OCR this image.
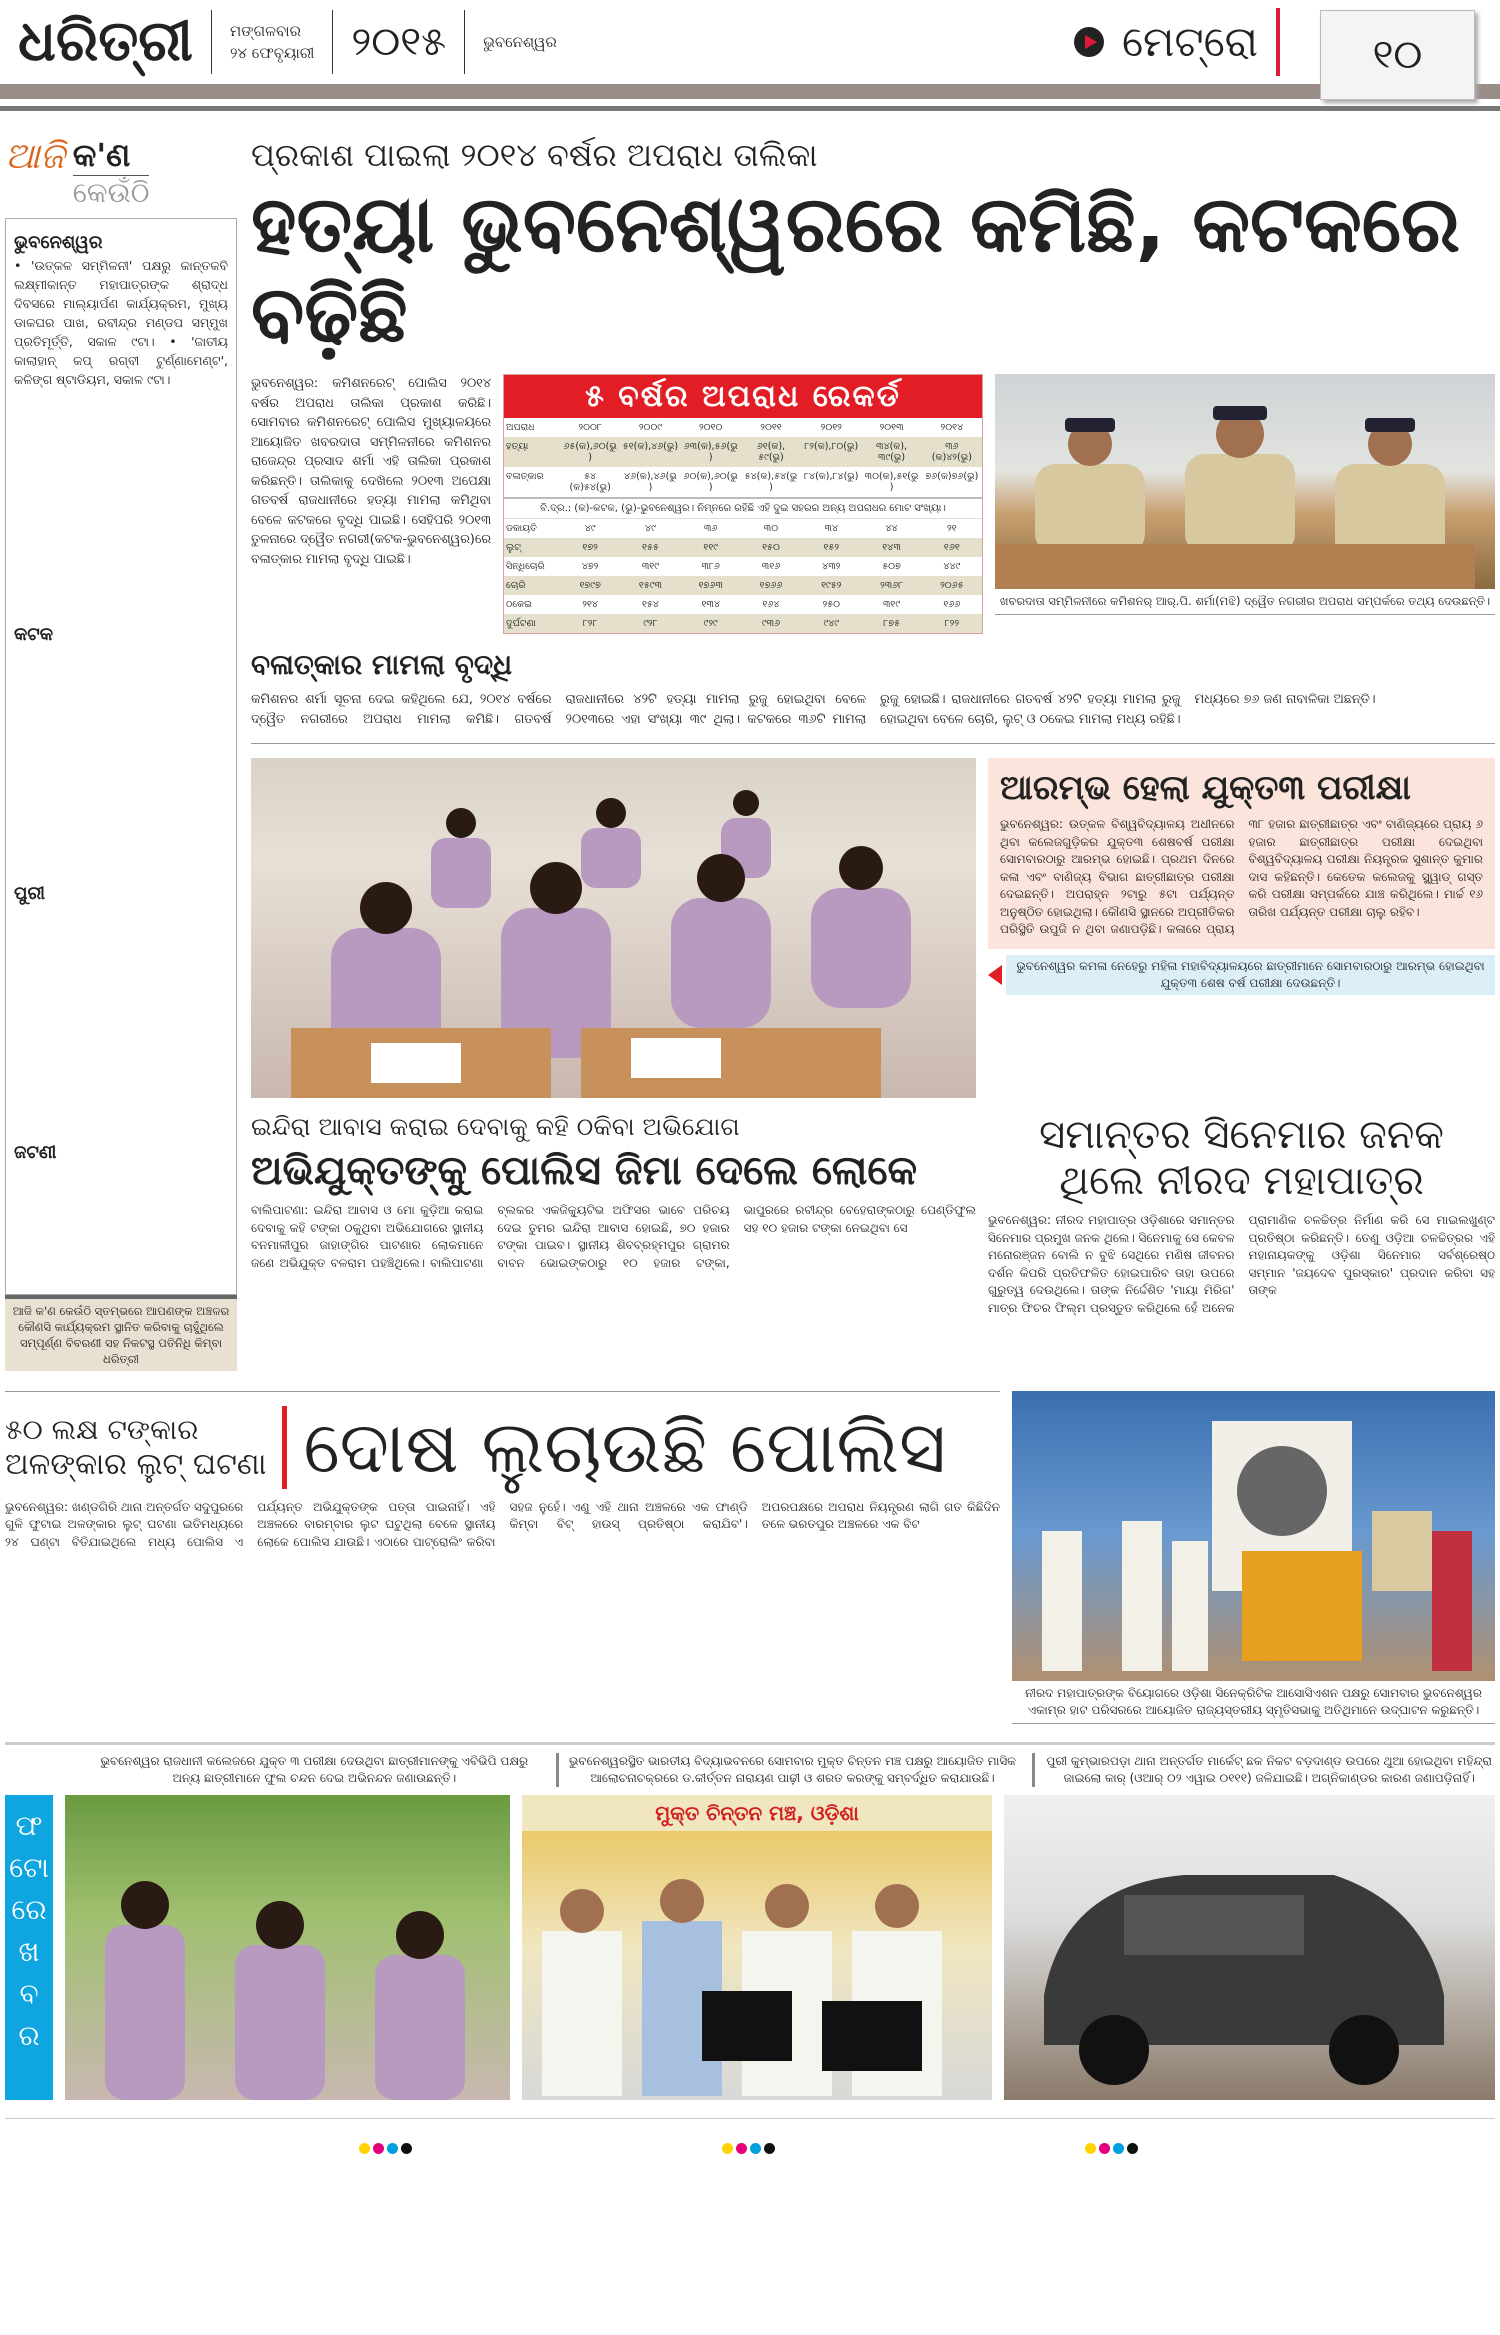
ଧରିତ୍ରୀ ମଙ୍ଗଳବାର
୨୪ ଫେବୃୟାରୀ ୨୦୧୫ ଭୁବନେଶ୍ୱର	ମେଟ୍ରୋ	୧୦
ଆଜି କ'ଣ
କେଉଁଠି
ଭୁବନେଶ୍ୱର

• 'ଉତ୍କଳ ସମ୍ମିଳନୀ' ପକ୍ଷରୁ କାନ୍ତକବି ଲକ୍ଷ୍ମୀକାନ୍ତ ମହାପାତ୍ରଙ୍କ ଶ୍ରାଦ୍ଧ ଦିବସରେ ମାଲ୍ୟାର୍ପଣ କାର୍ଯ୍ୟକ୍ରମ, ମୁଖ୍ୟ ଡାକଘର ପାଖ, ରବୀନ୍ଦ୍ର ମଣ୍ଡପ ସମ୍ମୁଖ ପ୍ରତିମୂର୍ତ୍ତି, ସକାଳ ୯ଟା। • 'ଜାତୀୟ କାଲାହାନ୍ କପ୍ ରଗ୍‌ବୀ ଟୁର୍ଣ୍ଣାମେଣ୍ଟ', କଳିଙ୍ଗ ଷ୍ଟାଡିୟମ, ସକାଳ ୯ଟା।

କଟକ
ପୁରୀ
ଜଟଣୀ
ଆଜି କ'ଣ କେଉଁଠି ସ୍ତମ୍ଭରେ ଆପଣଙ୍କ ଅଞ୍ଚଳର କୌଣସି କାର୍ଯ୍ୟକ୍ରମ ସ୍ଥାନିତ କରିବାକୁ ଚାହୁଁଥିଲେ ସମ୍ପୂର୍ଣ୍ଣ ବିବରଣୀ ସହ ନିକଟସ୍ଥ ପତିନିଧି କିମ୍ବା ଧରିତ୍ରୀ
ପ୍ରକାଶ ପାଇଲା ୨୦୧୪ ବର୍ଷର ଅପରାଧ ତାଲିକା
ହତ୍ୟା ଭୁବନେଶ୍ୱରରେ କମିଛି, କଟକରେ ବଢ଼ିଛି
ଭୁବନେଶ୍ୱର: କମିଶନରେଟ୍ ପୋଲିସ ୨୦୧୪ ବର୍ଷର ଅପରାଧ ତାଲିକା ପ୍ରକାଶ କରିଛି। ସୋମବାର କମିଶନରେଟ୍ ପୋଲିସ ମୁଖ୍ୟାଳୟରେ ଆୟୋଜିତ ଖବରଦାତା ସମ୍ମିଳନୀରେ କମିଶନର ରାଜେନ୍ଦ୍ର ପ୍ରସାଦ ଶର୍ମା ଏହି ତାଲିକା ପ୍ରକାଶ କରିଛନ୍ତି। ତାଲିକାକୁ ଦେଖିଲେ ୨୦୧୩ ଅପେକ୍ଷା ଗତବର୍ଷ ରାଜଧାନୀରେ ହତ୍ୟା ମାମଲା କମିଥିବା ବେଳେ କଟକରେ ବୃଦ୍ଧି ପାଇଛି। ସେହିପରି ୨୦୧୩ ତୁଳନାରେ ଦ୍ୱୈତ ନଗରୀ(କଟକ-ଭୁବନେଶ୍ୱର)ରେ ବଳାତ୍କାର ମାମଲା ବୃଦ୍ଧି ପାଇଛି।
୫ ବର୍ଷର ଅପରାଧ ରେକର୍ଡ
ଅପରାଧ	୨୦୦୮	୨୦୦୯	୨୦୧୦	୨୦୧୧	୨୦୧୨	୨୦୧୩	୨୦୧୪
ହତ୍ୟା	୬୫(କ),୬୦(ଭୁ)	୫୧(କ),୪୬(ଭୁ)	୬୩(କ),୫୬(ଭୁ)	୬୧(କ), ୫୯(ଭୁ)	୮୨(କ),୮୦(ଭୁ)	୩୪(କ), ୩୯(ଭୁ)	୩୬ (କ)୪୨(ଭୁ)
ବଳାତ୍କାର	୫୪ (କ)୫୪(ଭୁ)	୪୬(କ),୪୬(ଭୁ)	୬୦(କ),୬୦(ଭୁ)	୫୪(କ),୫୪(ଭୁ)	୮୪(କ),୮୪(ଭୁ)	୩୦(କ),୫୧(ଭୁ)	୭୬(କ)୭୬(ଭୁ)
ବି.ଦ୍ର.: (କ)-କଟକ, (ଭୁ)-ଭୁବନେଶ୍ୱର। ନିମ୍ନରେ ରହିଛି ଏହି ଦୁଇ ସହରର ଅନ୍ୟ ଅପରାଧର ମୋଟ ସଂଖ୍ୟା।
ଡକାୟତି	୪୯	୪୯	୩୬	୩୦	୩୪	୪୪	୨୧
ଲୁଟ୍	୧୭୨	୧୫୫	୧୧୯	୧୫୦	୧୫୨	୧୪୩	୧୬୧
ସିନ୍ଧିଚୋରି	୪୭୨	୩୧୯	୩୮୬	୩୧୬	୪୩୨	୫୦୭	୪୪୯
ଚୋରି	୧୭୯୭	୧୫୯୩	୧୭୬୩	୧୭୬୬	୧୯୫୨	୨୩୬୮	୨୦୬୫
ଠକେଇ	୨୧୪	୧୫୪	୧୩୪	୧୬୪	୨୫୦	୩୧୯	୧୬୬
ଦୁର୍ଘଟଣା	୮୨୮	୯୨୮	୯୨୯	୯୩୬	୯୪୯	୮୭୫	୮୨୨
ଖବରଦାତା ସମ୍ମିଳନୀରେ କମିଶନର୍ ଆର୍.ପି. ଶର୍ମା(ମଝି) ଦ୍ୱୈତ ନଗରୀର ଅପରାଧ ସମ୍ପର୍କରେ ତଥ୍ୟ ଦେଉଛନ୍ତି।
ବଳାତ୍କାର ମାମଲା ବୃଦ୍ଧି
କମିଶନର ଶର୍ମା ସୂଚନା ଦେଇ କହିଥିଲେ ଯେ, ୨୦୧୪ ବର୍ଷରେ ଦ୍ୱୈତ ନଗରୀରେ ଅପରାଧ ମାମଲା କମିଛି। ଗତବର୍ଷ ରାଜଧାନୀରେ ୪୨ଟି ହତ୍ୟା ମାମଲା ରୁଜୁ ହୋଇଥିବା ବେଳେ ୨୦୧୩ରେ ଏହା ସଂଖ୍ୟା ୩୯ ଥିଲା। କଟକରେ ୩୬ଟି ମାମଲା ରୁଜୁ ହୋଇଛି। ରାଜଧାନୀରେ ଗତବର୍ଷ ୪୨ଟି ହତ୍ୟା ମାମଲା ରୁଜୁ ହୋଇଥିବା ବେଳେ ଚୋରି, ଲୁଟ୍ ଓ ଠକେଇ ମାମଲା ମଧ୍ୟ ରହିଛି। ମଧ୍ୟରେ ୭୬ ଜଣ ନାବାଳିକା ଅଛନ୍ତି।
ଆରମ୍ଭ ହେଲା ଯୁକ୍ତ୩ ପରୀକ୍ଷା
ଭୁବନେଶ୍ୱର: ଉତ୍କଳ ବିଶ୍ୱବିଦ୍ୟାଳୟ ଅଧୀନରେ ଥିବା କଲେଜଗୁଡ଼ିକର ଯୁକ୍ତ୩ ଶେଷବର୍ଷ ପରୀକ୍ଷା ସୋମବାରଠାରୁ ଆରମ୍ଭ ହୋଇଛି। ପ୍ରଥମ ଦିନରେ କଳା ଏବଂ ବାଣିଜ୍ୟ ବିଭାଗ ଛାତ୍ରୀଛାତ୍ର ପରୀକ୍ଷା ଦେଇଛନ୍ତି। ଅପରାହ୍ନ ୨ଟାରୁ ୫ଟା ପର୍ଯ୍ୟନ୍ତ ଅନୁଷ୍ଠିତ ହୋଇଥିଲା। କୌଣସି ସ୍ଥାନରେ ଅପ୍ରୀତିକର ପରିସ୍ଥିତି ଉପୁଜି ନ ଥିବା ଜଣାପଡ଼ିଛି। କଳାରେ ପ୍ରାୟ ୩୮ ହଜାର ଛାତ୍ରୀଛାତ୍ର ଏବଂ ବାଣିଜ୍ୟରେ ପ୍ରାୟ ୬ ହଜାର ଛାତ୍ରୀଛାତ୍ର ପରୀକ୍ଷା ଦେଇଥିବା ବିଶ୍ୱବିଦ୍ୟାଳୟ ପରୀକ୍ଷା ନିୟନ୍ତ୍ରକ ସୁଶାନ୍ତ କୁମାର ଦାସ କହିଛନ୍ତି। କେତେକ କଲେଜକୁ ସ୍କ୍ୱାଡ୍ ଗସ୍ତ କରି ପରୀକ୍ଷା ସମ୍ପର୍କରେ ଯାଞ୍ଚ କରିଥିଲେ। ମାର୍ଚ୍ଚ ୧୬ ତାରିଖ ପର୍ଯ୍ୟନ୍ତ ପରୀକ୍ଷା ଚାଲୁ ରହିବ।
ଭୁବନେଶ୍ୱର କମଳା ନେହେରୁ ମହିଳା ମହାବିଦ୍ୟାଳୟରେ ଛାତ୍ରୀମାନେ ସୋମବାରଠାରୁ ଆରମ୍ଭ ହୋଇଥିବା ଯୁକ୍ତ୩ ଶେଷ ବର୍ଷ ପରୀକ୍ଷା ଦେଉଛନ୍ତି।
ଇନ୍ଦିରା ଆବାସ କରାଇ ଦେବାକୁ କହି ଠକିବା ଅଭିଯୋଗ
ଅଭିଯୁକ୍ତଙ୍କୁ ପୋଲିସ ଜିମା ଦେଲେ ଲୋକେ
ବାଲିପାଟଣା: ଇନ୍ଦିରା ଆବାସ ଓ ମୋ କୁଡ଼ିଆ କରାଇ ଦେବାକୁ କହି ଟଙ୍କା ଠକୁଥିବା ଅଭିଯୋଗରେ ସ୍ଥାନୀୟ ବନମାଳୀପୁର ଜାହାଙ୍ଗିର ପାଟଣାର ଲୋକମାନେ ଜଣେ ଅଭିଯୁକ୍ତ ବଳରାମ ପହଞ୍ଚିଥିଲେ। ବାଲିପାଟଣା ବ୍ଲକର ଏକଜିକ୍ୟୁଟିଭ ଅଫିସର ଭାବେ ପରିଚୟ ଦେଇ ତୁମର ଇନ୍ଦିରା ଆବାସ ହୋଇଛି, ୭୦ ହଜାର ଟଙ୍କା ପାଇବ। ସ୍ଥାନୀୟ ଶିବବ୍ରହ୍ମପୁର ଗ୍ରାମର ବାବନ ଭୋଇଙ୍କଠାରୁ ୧୦ ହଜାର ଟଙ୍କା, ଭାପୁରରେ ରବୀନ୍ଦ୍ର ବେହେରାଙ୍କଠାରୁ ପେଣ୍ଡିଫୁଲ ସହ ୧୦ ହଜାର ଟଙ୍କା ନେଇଥିବା ସେ
ସମାନ୍ତର ସିନେମାର ଜନକ
ଥିଲେ ନୀରଦ ମହାପାତ୍ର
ଭୁବନେଶ୍ୱର: ନୀରଦ ମହାପାତ୍ର ଓଡ଼ିଶାରେ ସମାନ୍ତର ସିନେମାର ପ୍ରମୁଖ ଜନକ ଥିଲେ। ସିନେମାକୁ ସେ କେବଳ ମନୋରଞ୍ଜନ ବୋଲି ନ ବୁଝି ସେଥିରେ ମଣିଷ ଜୀବନର ଦର୍ଶନ କିପରି ପ୍ରତିଫଳିତ ହୋଇପାରିବ ତାହା ଉପରେ ଗୁରୁତ୍ୱ ଦେଉଥିଲେ। ତାଙ୍କ ନିର୍ଦ୍ଦେଶିତ 'ମାୟା ମିରିଗ' ମାତ୍ର ଫିଚର ଫିଲ୍ମ ପ୍ରସ୍ତୁତ କରିଥିଲେ ହେଁ ଅନେକ ପ୍ରାମାଣିକ ଚଳଚ୍ଚିତ୍ର ନିର୍ମାଣ କରି ସେ ମାଇଲଖୁଣ୍ଟ ପ୍ରତିଷ୍ଠା କରିଛନ୍ତି। ତେଣୁ ଓଡ଼ିଆ ଚଳଚ୍ଚିତ୍ରର ଏହି ମହାନାୟକଙ୍କୁ ଓଡ଼ିଶା ସିନେମାର ସର୍ବଶ୍ରେଷ୍ଠ ସମ୍ମାନ 'ଜୟଦେବ ପୁରସ୍କାର' ପ୍ରଦାନ କରିବା ସହ ତାଙ୍କ
୫୦ ଲକ୍ଷ ଟଙ୍କାର
ଅଳଙ୍କାର ଲୁଟ୍ ଘଟଣା ଦୋଷ ଲୁଚାଉଛି ପୋଲିସ
ଭୁବନେଶ୍ୱର: ଖଣ୍ଡଗିରି ଥାନା ଅନ୍ତର୍ଗତ ସଦୁପୁରରେ ଗୁଳି ଫୁଟାଇ ଅଳଙ୍କାର ଲୁଟ୍ ଘଟଣା ଇତିମଧ୍ୟରେ ୨୪ ଘଣ୍ଟା ବିତିଯାଇଥିଲେ ମଧ୍ୟ ପୋଲିସ ଏ ପର୍ଯ୍ୟନ୍ତ ଅଭିଯୁକ୍ତଙ୍କ ପତ୍ତା ପାଇନାହିଁ। ଏହି ଅଞ୍ଚଳରେ ବାରମ୍ବାର ଲୁଟ ଘଟୁଥିଲା ବେଳେ ସ୍ଥାନୀୟ ଲୋକେ ପୋଲିସ ଯାଉଛି। ଏଠାରେ ପାଟ୍ରୋଲିଂ କରିବା ସହଜ ନୁହେଁ। ଏଣୁ ଏହି ଥାନା ଅଞ୍ଚଳରେ ଏକ ଫାଣ୍ଡି କିମ୍ବା ବିଟ୍ ହାଉସ୍ ପ୍ରତିଷ୍ଠା କରାଯିବ'। ଅପରପକ୍ଷରେ ଅପରାଧ ନିୟନ୍ତ୍ରଣ ଲାଗି ଗତ କିଛିଦିନ ତଳେ ଭରତପୁର ଅଞ୍ଚଳରେ ଏକ ବିଟ
ନୀରଦ ମହାପାତ୍ରଙ୍କ ବିୟୋଗରେ ଓଡ଼ିଶା ସିନେକ୍ରିଟିକ ଆସୋସିଏଶନ ପକ୍ଷରୁ ସୋମବାର ଭୁବନେଶ୍ୱର ଏକାମ୍ର ହାଟ ପରିସରରେ ଆୟୋଜିତ ରାଜ୍ୟସ୍ତରୀୟ ସ୍ମୃତିସଭାକୁ ଅତିଥିମାନେ ଉଦ୍‌ଘାଟନ କରୁଛନ୍ତି।
ଭୁବନେଶ୍ୱର ରାଜଧାନୀ କଲେଜରେ ଯୁକ୍ତ ୩ ପରୀକ୍ଷା ଦେଉଥିବା ଛାତ୍ରୀମାନଙ୍କୁ ଏବିଭିପି ପକ୍ଷରୁ ଅନ୍ୟ ଛାତ୍ରୀମାନେ ଫୁଲ ଚନ୍ଦନ ଦେଇ ଅଭିନନ୍ଦନ ଜଣାଉଛନ୍ତି।
ଭୁବନେଶ୍ୱରସ୍ଥିତ ଭାରତୀୟ ବିଦ୍ୟାଭବନରେ ସୋମବାର ମୁକ୍ତ ଚିନ୍ତନ ମଞ୍ଚ ପକ୍ଷରୁ ଆୟୋଜିତ ମାସିକ ଆଲୋଚନାଚକ୍ରରେ ଡ.କୀର୍ତ୍ତନ ନାରାୟଣ ପାଢ଼ୀ ଓ ଶରତ କରଙ୍କୁ ସମ୍ବର୍ଦ୍ଧିତ କରାଯାଉଛି।
ପୁରୀ କୁମ୍ଭାରପଡ଼ା ଥାନା ଅନ୍ତର୍ଗତ ମାର୍କେଟ୍ ଛକ ନିକଟ ବଡ଼ଦାଣ୍ଡ ଉପରେ ଥୁଆ ହୋଇଥିବା ମହିନ୍ଦ୍ରା ଜାଇଲୋ କାର୍ (ଓଆର୍ ୦୨ ଏୱାଇ ୦୧୧୧) ଜଳିଯାଇଛି। ଅଗ୍ନିକାଣ୍ଡର କାରଣ ଜଣାପଡ଼ିନାହିଁ।
ଫ
ଟୋ
ରେ
ଖ
ବ
ର
ମୁକ୍ତ ଚିନ୍ତନ ମଞ୍ଚ, ଓଡ଼ିଶା
